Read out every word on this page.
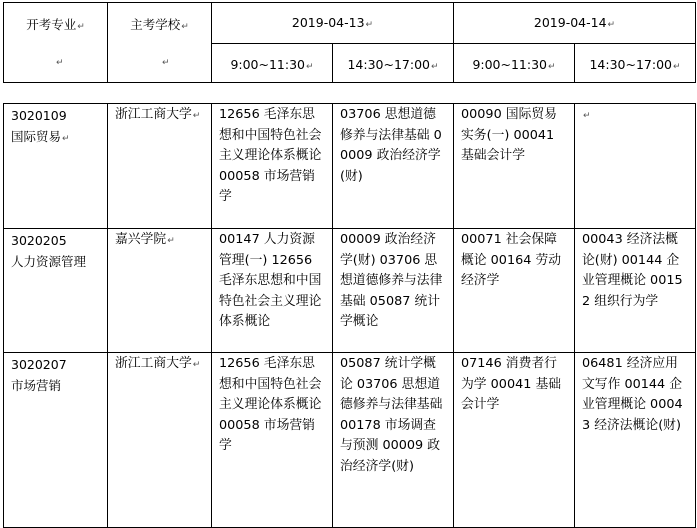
开考专业↵
↵	主考学校↵
↵	2019-04-13↵		2019-04-14↵	

		9:00~11:30↵	14:30~17:00↵	9:00~11:30↵	14:30~17:00↵
3020109
国际贸易↵	浙江工商大学↵	12656 毛泽东思想和中国特色社会主义理论体系概论 00058 市场营销学	03706 思想道德修养与法律基础 00009 政治经济学(财)	00090 国际贸易实务(一) 00041 基础会计学	↵

3020205
人力资源管理	嘉兴学院↵	00147 人力资源管理(一) 12656 毛泽东思想和中国特色社会主义理论体系概论	00009 政治经济学(财) 03706 思想道德修养与法律基础 05087 统计学概论	00071 社会保障概论 00164 劳动经济学	00043 经济法概论(财) 00144 企业管理概论 00152 组织行为学

3020207
市场营销	浙江工商大学↵	12656 毛泽东思想和中国特色社会主义理论体系概论 00058 市场营销学	05087 统计学概论 03706 思想道德修养与法律基础 00178 市场调查与预测 00009 政治经济学(财)	07146 消费者行为学 00041 基础会计学	06481 经济应用文写作 00144 企业管理概论 00043 经济法概论(财)
